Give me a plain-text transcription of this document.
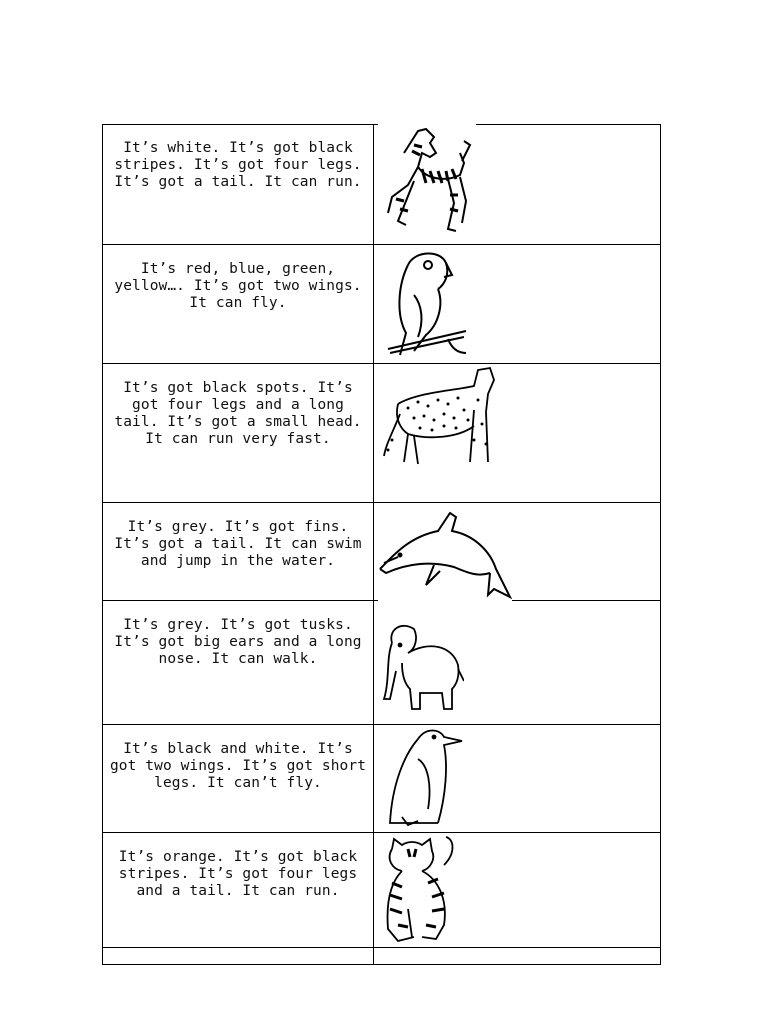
It’s white. It’s got black stripes. It’s got four legs. It’s got a tail. It can run.
It’s red, blue, green, yellow…. It’s got two wings. It can fly.
It’s got black spots. It’s got four legs and a long tail. It’s got a small head. It can run very fast.
It’s grey. It’s got fins. It’s got a tail. It can swim and jump in the water.
It’s grey. It’s got tusks. It’s got big ears and a long nose. It can walk.
It’s black and white. It’s got two wings. It’s got short legs. It can’t fly.
It’s orange. It’s got black stripes. It’s got four legs and a tail. It can run.
